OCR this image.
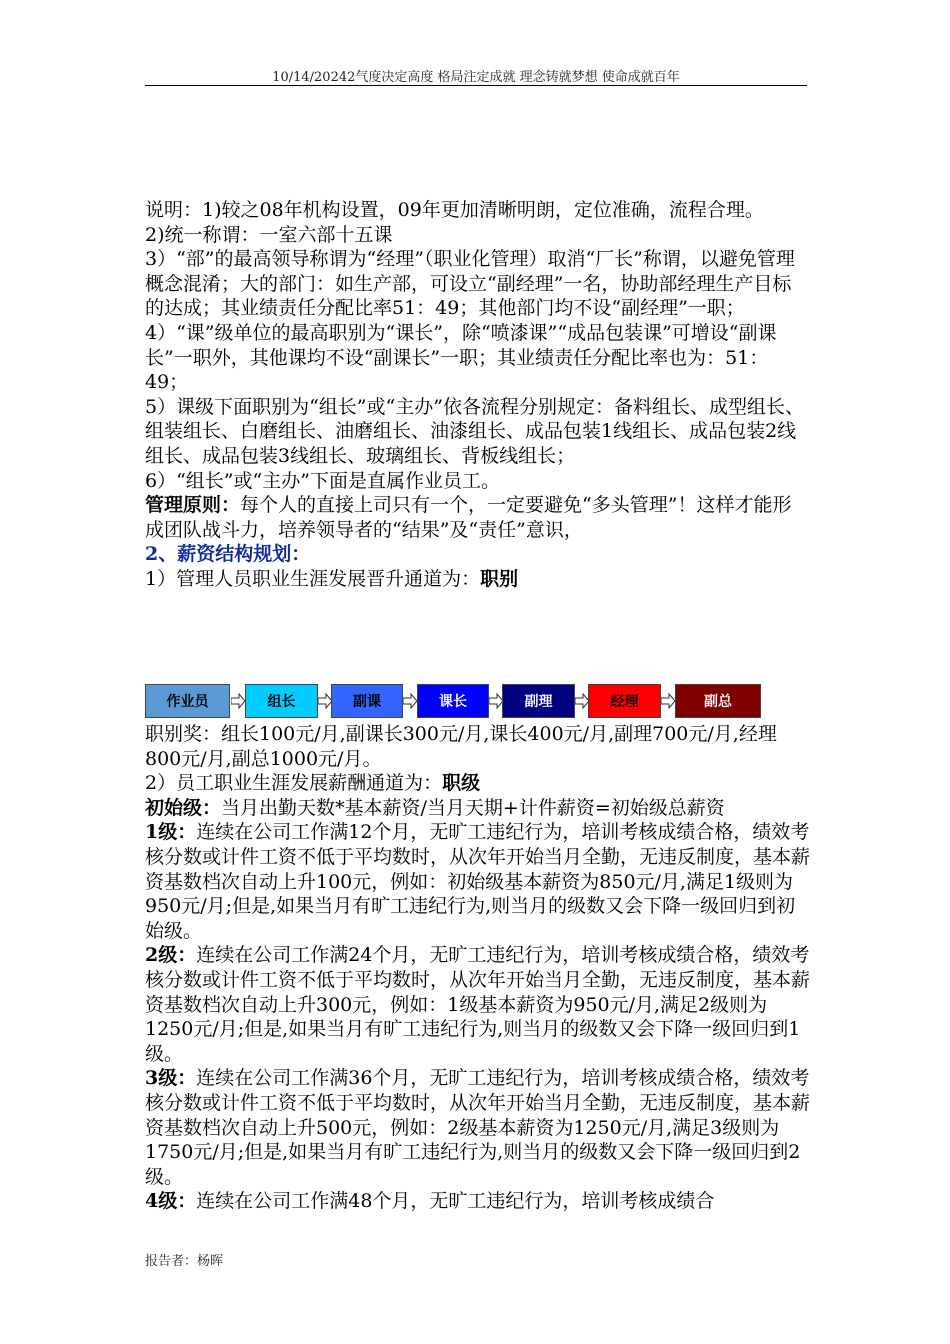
10/14/20242气度决定高度 格局注定成就 理念铸就梦想 使命成就百年

说明：1)较之08年机构设置，09年更加清晰明朗，定位准确，流程合理。

2)统一称谓：一室六部十五课

3）“部”的最高领导称谓为“经理”（职业化管理）取消“厂长”称谓，以避免管理概念混淆；大的部门：如生产部，可设立“副经理”一名，协助部经理生产目标的达成；其业绩责任分配比率51：49；其他部门均不设“副经理”一职；

4）“课”级单位的最高职别为“课长”，除“喷漆课”“成品包装课”可增设“副课长”一职外，其他课均不设“副课长”一职；其业绩责任分配比率也为：51：49；

5）课级下面职别为“组长”或“主办”依各流程分别规定：备料组长、成型组长、组装组长、白磨组长、油磨组长、油漆组长、成品包装1线组长、成品包装2线组长、成品包装3线组长、玻璃组长、背板线组长；

6）“组长”或“主办”下面是直属作业员工。

管理原则：每个人的直接上司只有一个，一定要避免“多头管理”！这样才能形成团队战斗力，培养领导者的“结果”及“责任”意识，

2、薪资结构规划：

1）管理人员职业生涯发展晋升通道为：职别

作业员	组长	副课	课长	副理	经理	副总

职别奖：组长100元/月,副课长300元/月,课长400元/月,副理700元/月,经理800元/月,副总1000元/月。

2）员工职业生涯发展薪酬通道为：职级

初始级：当月出勤天数*基本薪资/当月天期+计件薪资=初始级总薪资

1级：连续在公司工作满12个月，无旷工违纪行为，培训考核成绩合格，绩效考核分数或计件工资不低于平均数时，从次年开始当月全勤，无违反制度，基本薪资基数档次自动上升100元，例如：初始级基本薪资为850元/月,满足1级则为950元/月;但是,如果当月有旷工违纪行为,则当月的级数又会下降一级回归到初始级。

2级：连续在公司工作满24个月，无旷工违纪行为，培训考核成绩合格，绩效考核分数或计件工资不低于平均数时，从次年开始当月全勤，无违反制度，基本薪资基数档次自动上升300元，例如：1级基本薪资为950元/月,满足2级则为1250元/月;但是,如果当月有旷工违纪行为,则当月的级数又会下降一级回归到1级。

3级：连续在公司工作满36个月，无旷工违纪行为，培训考核成绩合格，绩效考核分数或计件工资不低于平均数时，从次年开始当月全勤，无违反制度，基本薪资基数档次自动上升500元，例如：2级基本薪资为1250元/月,满足3级则为1750元/月;但是,如果当月有旷工违纪行为,则当月的级数又会下降一级回归到2级。

4级：连续在公司工作满48个月，无旷工违纪行为，培训考核成绩合

报告者：杨晖
